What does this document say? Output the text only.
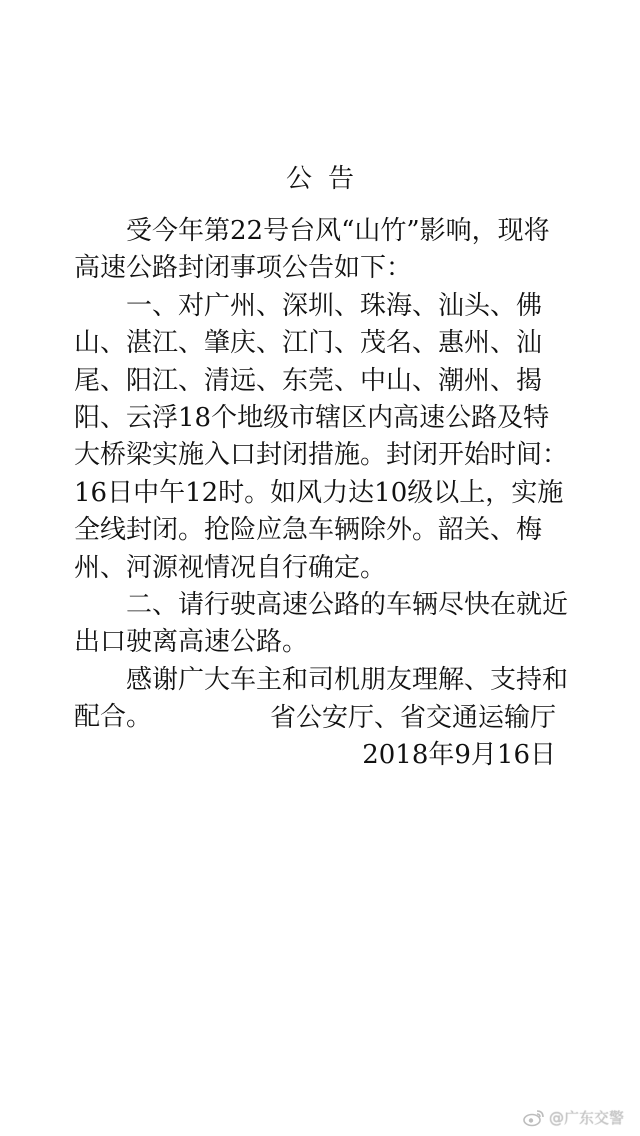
公告

受今年第22号台风“山竹”影响，现将高速公路封闭事项公告如下：

一、对广州、深圳、珠海、汕头、佛山、湛江、肇庆、江门、茂名、惠州、汕尾、阳江、清远、东莞、中山、潮州、揭阳、云浮18个地级市辖区内高速公路及特大桥梁实施入口封闭措施。封闭开始时间：16日中午12时。如风力达10级以上，实施全线封闭。抢险应急车辆除外。韶关、梅州、河源视情况自行确定。

二、请行驶高速公路的车辆尽快在就近出口驶离高速公路。

感谢广大车主和司机朋友理解、支持和配合。	省公安厅、省交通运输厅
2018年9月16日
@广东交警
